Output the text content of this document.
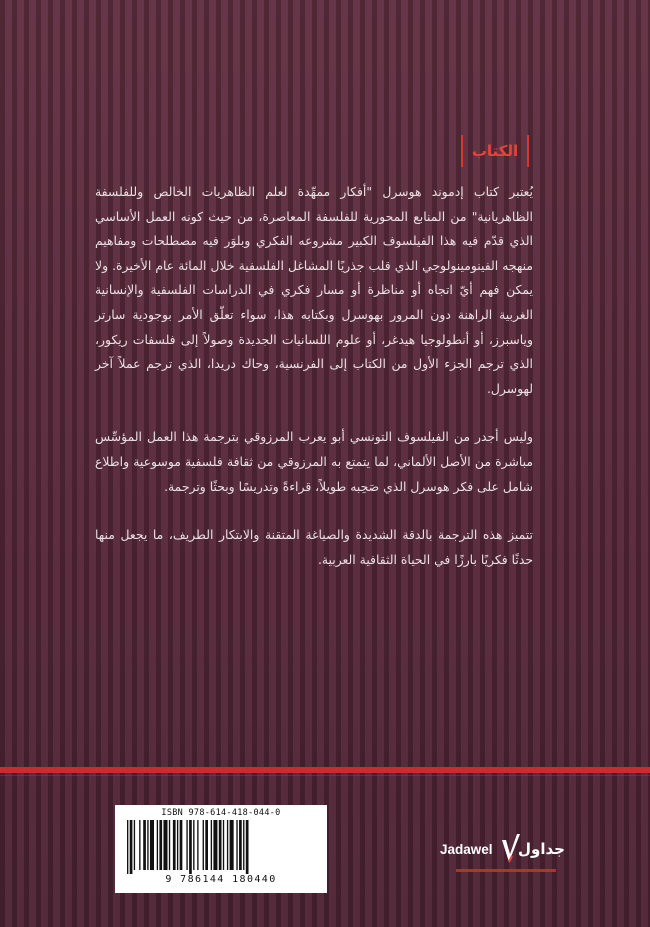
الكتاب

يُعتبر كتاب إدموند هوسرل "أفكار ممهِّدة لعلم الظاهريات الخالص وللفلسفة الظاهريانية" من المنابع المحورية للفلسفة المعاصرة، من حيث كونه العمل الأساسي الذي قدّم فيه هذا الفيلسوف الكبير مشروعه الفكري وبلوَر فيه مصطلحات ومفاهيم منهجه الفينومينولوجي الذي قلب جذريًا المشاغل الفلسفية خلال المائة عام الأخيرة. ولا يمكن فهم أيّ اتجاه أو مناظرة أو مسار فكري في الدراسات الفلسفية والإنسانية الغربية الراهنة دون المرور بهوسرل وبكتابه هذا، سواء تعلّق الأمر بوجودية سارتر وياسبرز، أو أنطولوجيا هيدغر، أو علوم اللسانيات الجديدة وصولاً إلى فلسفات ريكور، الذي ترجم الجزء الأول من الكتاب إلى الفرنسية، وحاك دريدا، الذي ترجم عملاً آخر لهوسرل.

وليس أجدر من الفيلسوف التونسي أبو يعرب المرزوقي بترجمة هذا العمل المؤسِّس مباشرة من الأصل الألماني، لما يتمتع به المرزوقي من ثقافة فلسفية موسوعية واطلاع شامل على فكر هوسرل الذي صَحِبه طويلاً، قراءةً وتدريسًا وبحثًا وترجمة.

تتميز هذه الترجمة بالدقة الشديدة والصياغة المتقنة والابتكار الطريف، ما يجعل منها حدثًا فكريًا بارزًا في الحياة الثقافية العربية.

ISBN 978-614-418-044-0
9 786144 180440
Jadawel جداول
